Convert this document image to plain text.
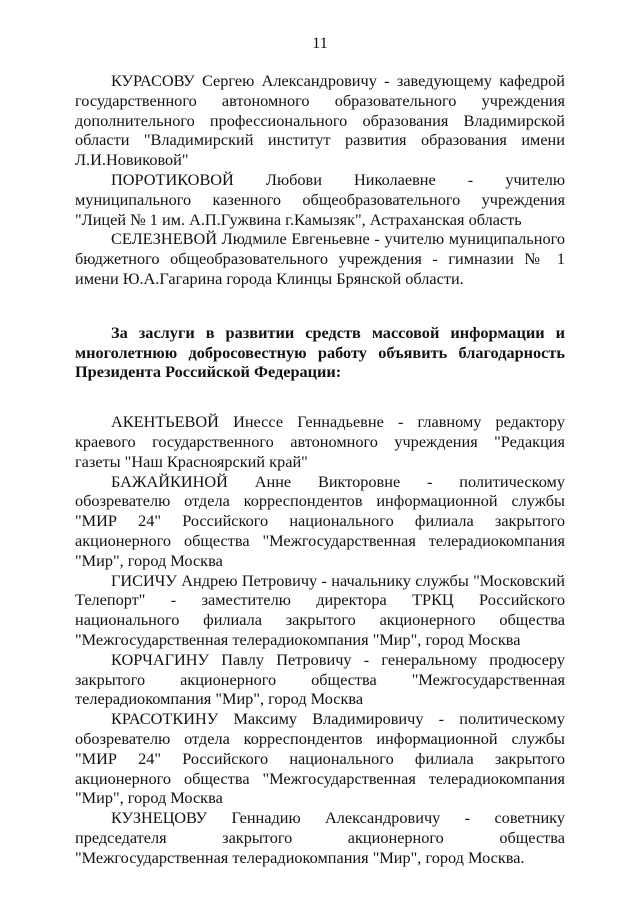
11

КУРАСОВУ Сергею Александровичу - заведующему кафедрой государственного автономного образовательного учреждения дополнительного профессионального образования Владимирской области "Владимирский институт развития образования имени Л.И.Новиковой"

ПОРОТИКОВОЙ Любови Николаевне - учителю муниципального казенного общеобразовательного учреждения "Лицей № 1 им. А.П.Гужвина г.Камызяк", Астраханская область

СЕЛЕЗНЕВОЙ Людмиле Евгеньевне - учителю муниципального бюджетного общеобразовательного учреждения - гимназии № 1 имени Ю.А.Гагарина города Клинцы Брянской области.

За заслуги в развитии средств массовой информации и многолетнюю добросовестную работу объявить благодарность Президента Российской Федерации:

АКЕНТЬЕВОЙ Инессе Геннадьевне - главному редактору краевого государственного автономного учреждения "Редакция газеты "Наш Красноярский край"

БАЖАЙКИНОЙ Анне Викторовне - политическому обозревателю отдела корреспондентов информационной службы "МИР 24" Российского национального филиала закрытого акционерного общества "Межгосударственная телерадиокомпания "Мир", город Москва

ГИСИЧУ Андрею Петровичу - начальнику службы "Московский Телепорт" - заместителю директора ТРКЦ Российского национального филиала закрытого акционерного общества "Межгосударственная телерадиокомпания "Мир", город Москва

КОРЧАГИНУ Павлу Петровичу - генеральному продюсеру закрытого акционерного общества "Межгосударственная телерадиокомпания "Мир", город Москва

КРАСОТКИНУ Максиму Владимировичу - политическому обозревателю отдела корреспондентов информационной службы "МИР 24" Российского национального филиала закрытого акционерного общества "Межгосударственная телерадиокомпания "Мир", город Москва

КУЗНЕЦОВУ Геннадию Александровичу - советнику председателя закрытого акционерного общества "Межгосударственная телерадиокомпания "Мир", город Москва.
